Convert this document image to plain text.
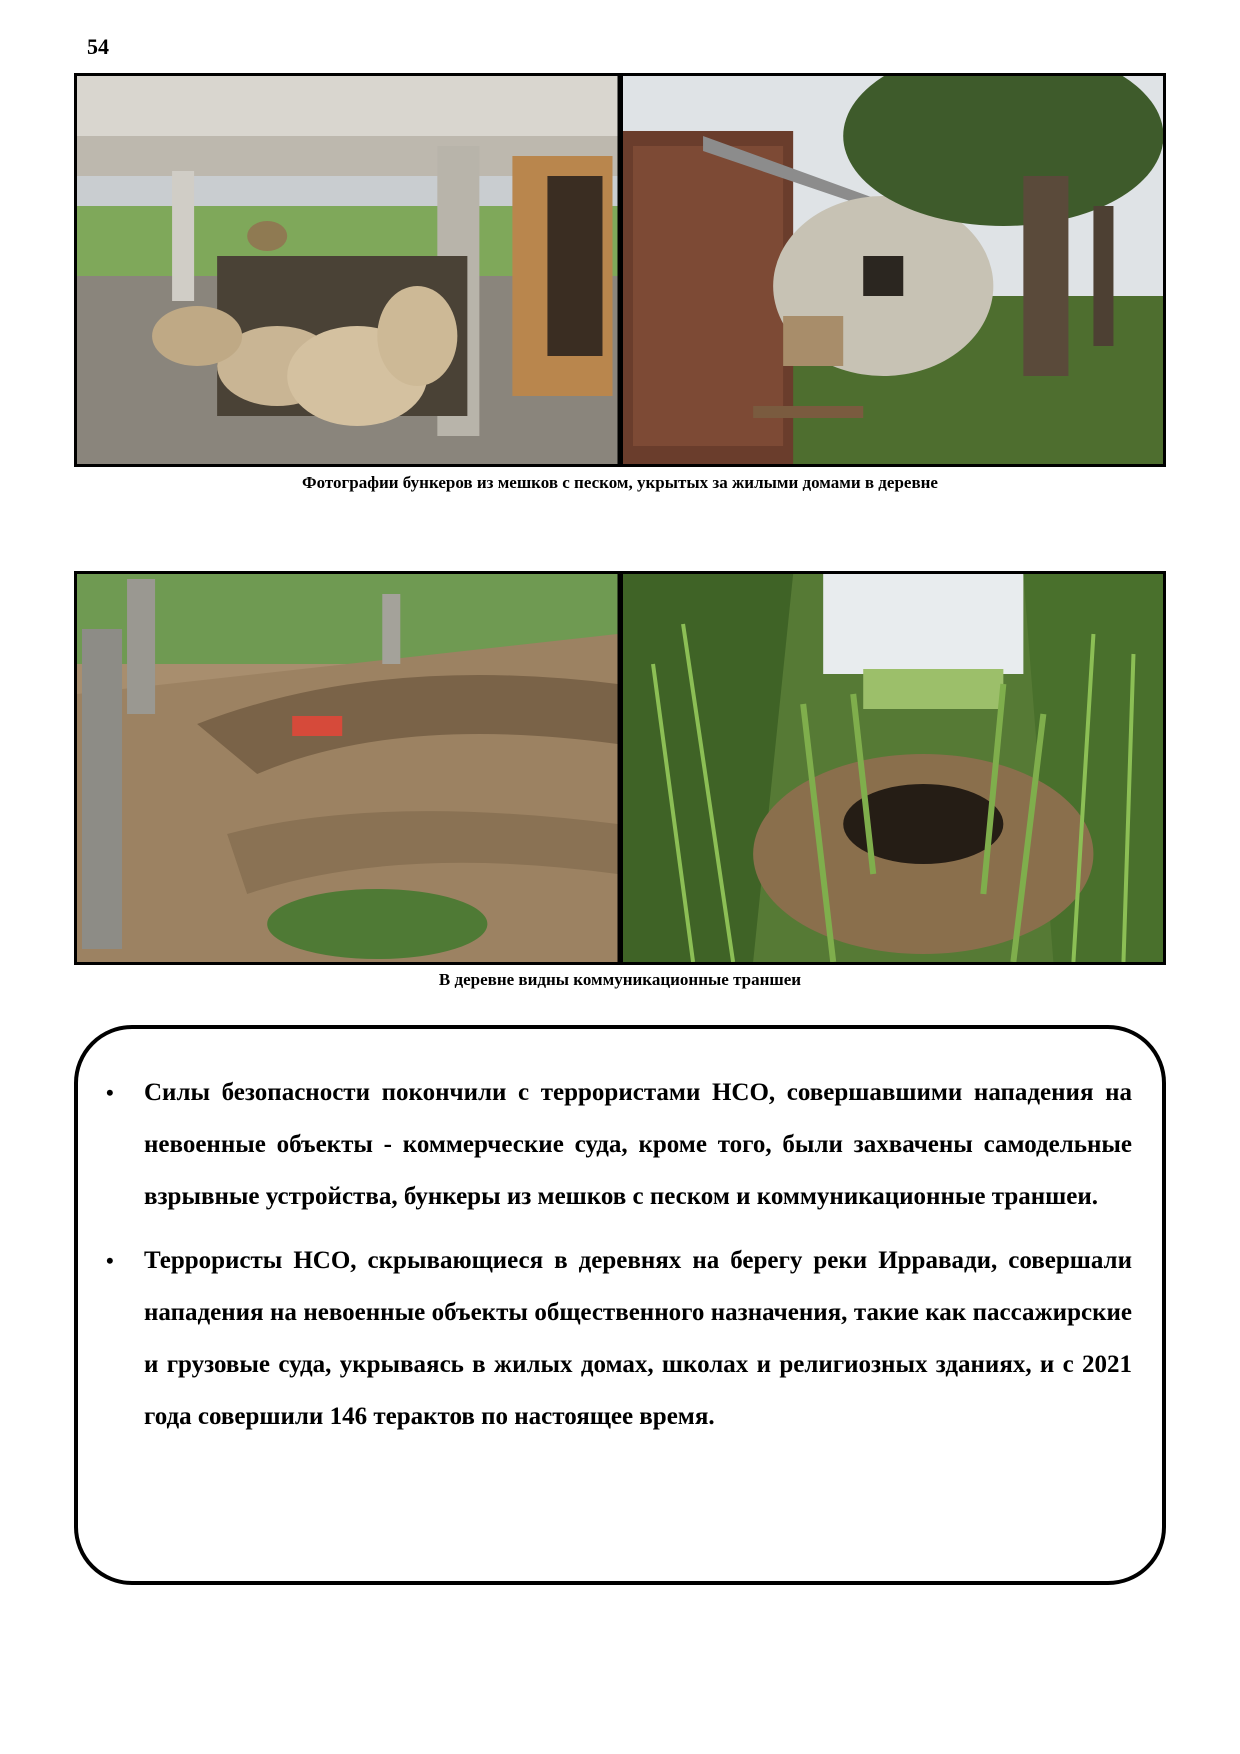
54
Фотографии бункеров из мешков с песком, укрытых за жилыми домами в деревне
В деревне видны коммуникационные траншеи
• Силы безопасности покончили с террористами НСО, совершавшими нападения на невоенные объекты - коммерческие суда, кроме того, были захвачены самодельные взрывные устройства, бункеры из мешков с песком и коммуникационные траншеи.
• Террористы НСО, скрывающиеся в деревнях на берегу реки Ирравади, совершали нападения на невоенные объекты общественного назначения, такие как пассажирские и грузовые суда, укрываясь в жилых домах, школах и религиозных зданиях, и с 2021 года совершили 146 терактов по настоящее время.
